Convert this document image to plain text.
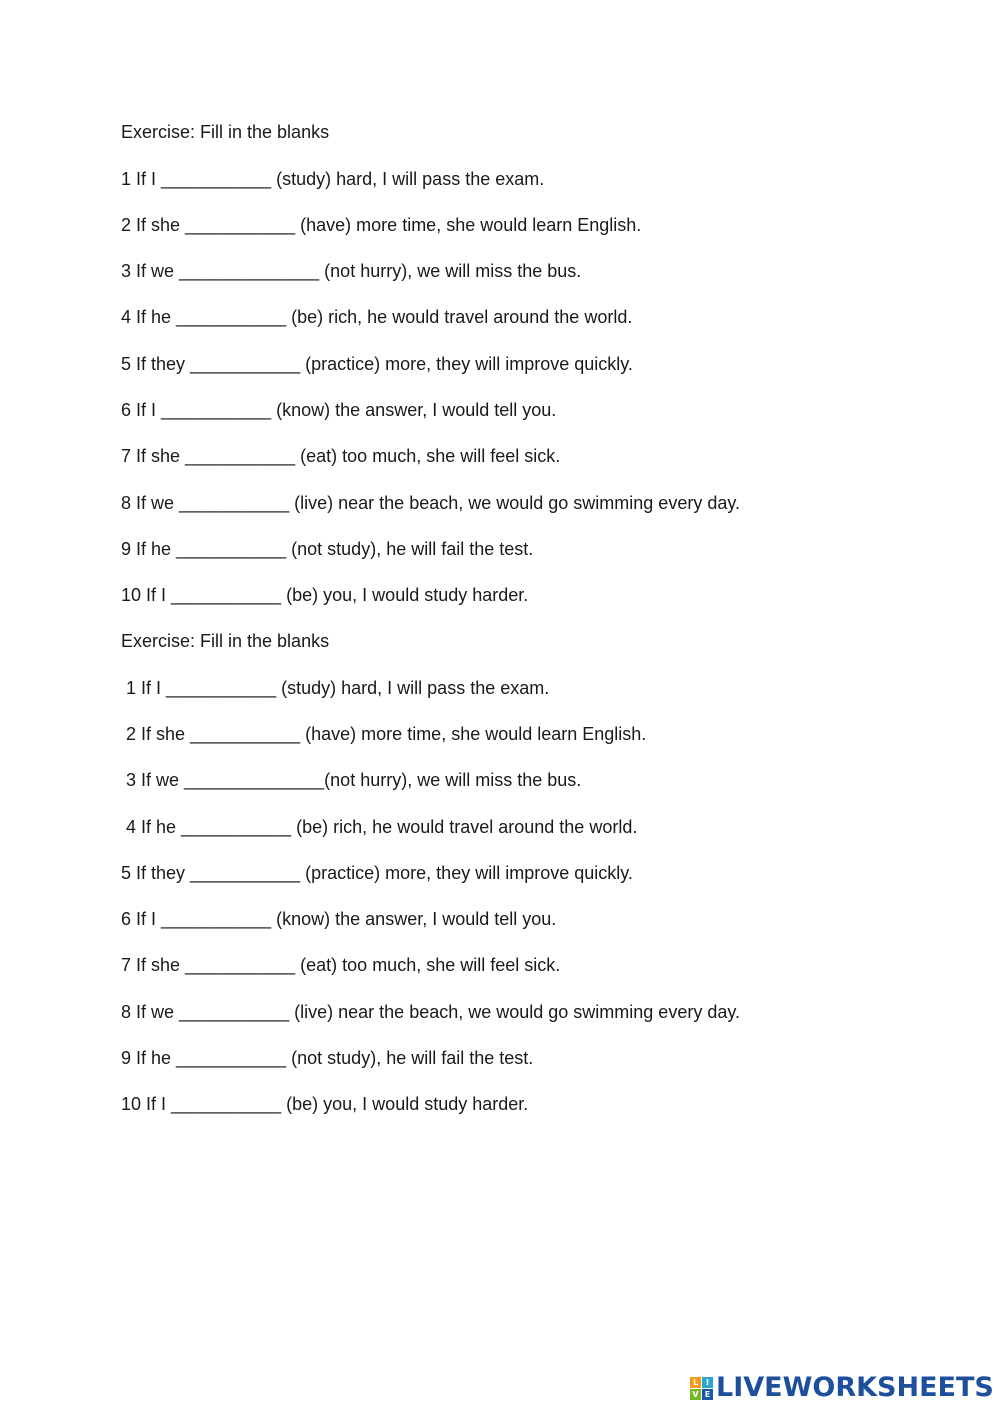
Exercise: Fill in the blanks
1 If I ___________ (study) hard, I will pass the exam.
2 If she ___________ (have) more time, she would learn English.
3 If we ______________ (not hurry), we will miss the bus.
4 If he ___________ (be) rich, he would travel around the world.
5 If they ___________ (practice) more, they will improve quickly.
6 If I ___________ (know) the answer, I would tell you.
7 If she ___________ (eat) too much, she will feel sick.
8 If we ___________ (live) near the beach, we would go swimming every day.
9 If he ___________ (not study), he will fail the test.
10 If I ___________ (be) you, I would study harder.
Exercise: Fill in the blanks
1 If I ___________ (study) hard, I will pass the exam.
2 If she ___________ (have) more time, she would learn English.
3 If we ______________(not hurry), we will miss the bus.
4 If he ___________ (be) rich, he would travel around the world.
5 If they ___________ (practice) more, they will improve quickly.
6 If I ___________ (know) the answer, I would tell you.
7 If she ___________ (eat) too much, she will feel sick.
8 If we ___________ (live) near the beach, we would go swimming every day.
9 If he ___________ (not study), he will fail the test.
10 If I ___________ (be) you, I would study harder.
L I
V E LIVEWORKSHEETS
